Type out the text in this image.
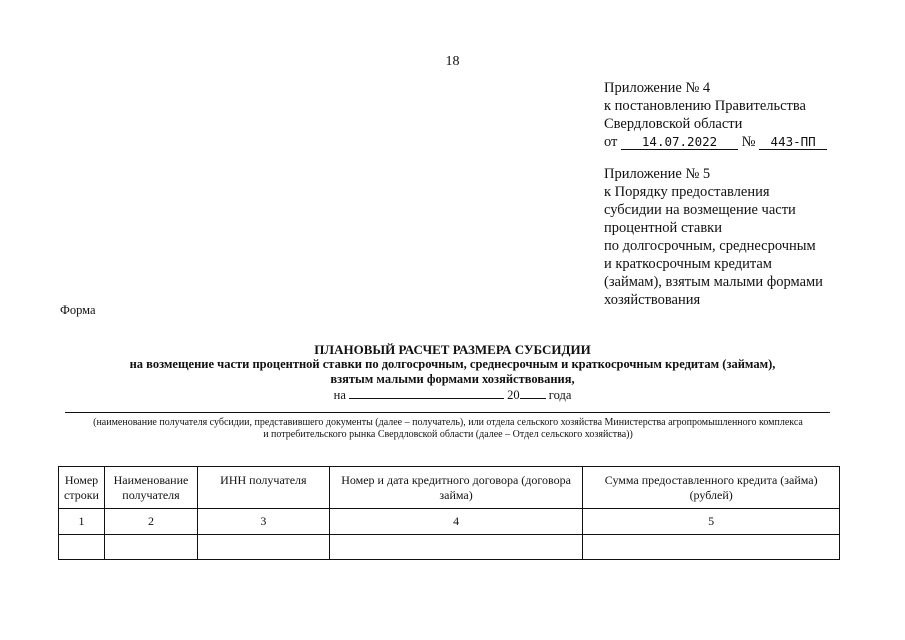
18
Приложение № 4
к постановлению Правительства
Свердловской области
от 14.07.2022 № 443-ПП
Приложение № 5
к Порядку предоставления
субсидии на возмещение части
процентной ставки
по долгосрочным, среднесрочным
и краткосрочным кредитам
(займам), взятым малыми формами
хозяйствования
Форма
ПЛАНОВЫЙ РАСЧЕТ РАЗМЕРА СУБСИДИИ
на возмещение части процентной ставки по долгосрочным, среднесрочным и краткосрочным кредитам (займам),
взятым малыми формами хозяйствования,
на	20 года
(наименование получателя субсидии, представившего документы (далее – получатель), или отдела сельского хозяйства Министерства агропромышленного комплекса
и потребительского рынка Свердловской области (далее – Отдел сельского хозяйства))
Номер строки	Наименование получателя	ИНН получателя	Номер и дата кредитного договора (договора займа)	Сумма предоставленного кредита (займа) (рублей)
1	2	3	4	5
